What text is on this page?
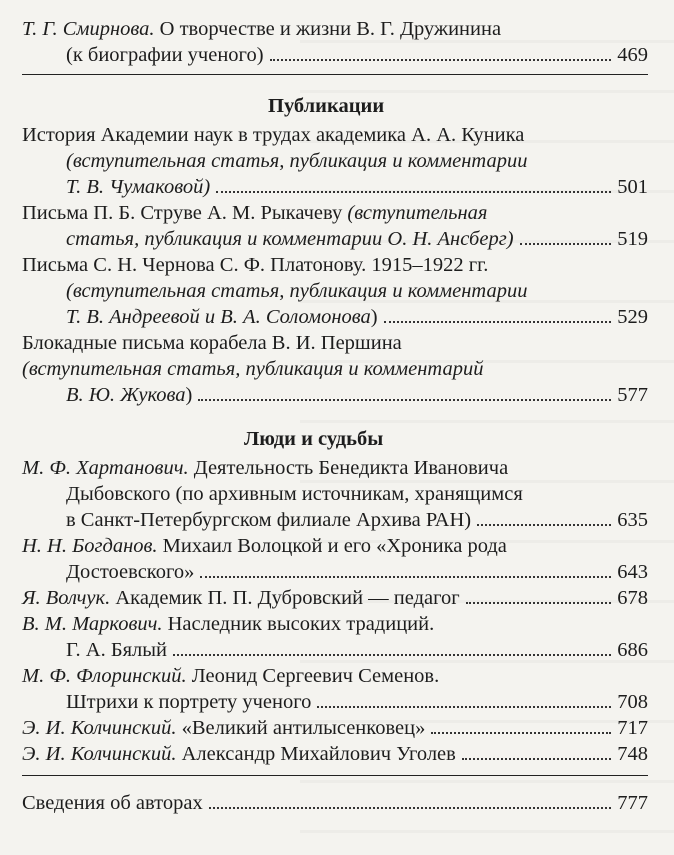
Т. Г. Смирнова. О творчестве и жизни В. Г. Дружинина
(к биографии ученого)	469
Публикации
История Академии наук в трудах академика А. А. Куника
(вступительная статья, публикация и комментарии
Т. В. Чумаковой)	501
Письма П. Б. Струве А. М. Рыкачеву (вступительная
статья, публикация и комментарии О. Н. Ансберг)	519
Письма С. Н. Чернова С. Ф. Платонову. 1915–1922 гг.
(вступительная статья, публикация и комментарии
Т. В. Андреевой и В. А. Соломонова )	529
Блокадные письма корабела В. И. Першина
(вступительная статья, публикация и комментарий
В. Ю. Жукова )	577
Люди и судьбы
М. Ф. Хартанович. Деятельность Бенедикта Ивановича
Дыбовского (по архивным источникам, хранящимся
в Санкт-Петербургском филиале Архива РАН)	635
Н. Н. Богданов. Михаил Волоцкой и его «Хроника рода
Достоевского»	643
Я. Волчук. Академик П. П. Дубровский — педагог	678
В. М. Маркович. Наследник высоких традиций.
Г. А. Бялый	686
М. Ф. Флоринский. Леонид Сергеевич Семенов.
Штрихи к портрету ученого	708
Э. И. Колчинский. «Великий антилысенковец»	717
Э. И. Колчинский. Александр Михайлович Уголев	748
Сведения об авторах	777
